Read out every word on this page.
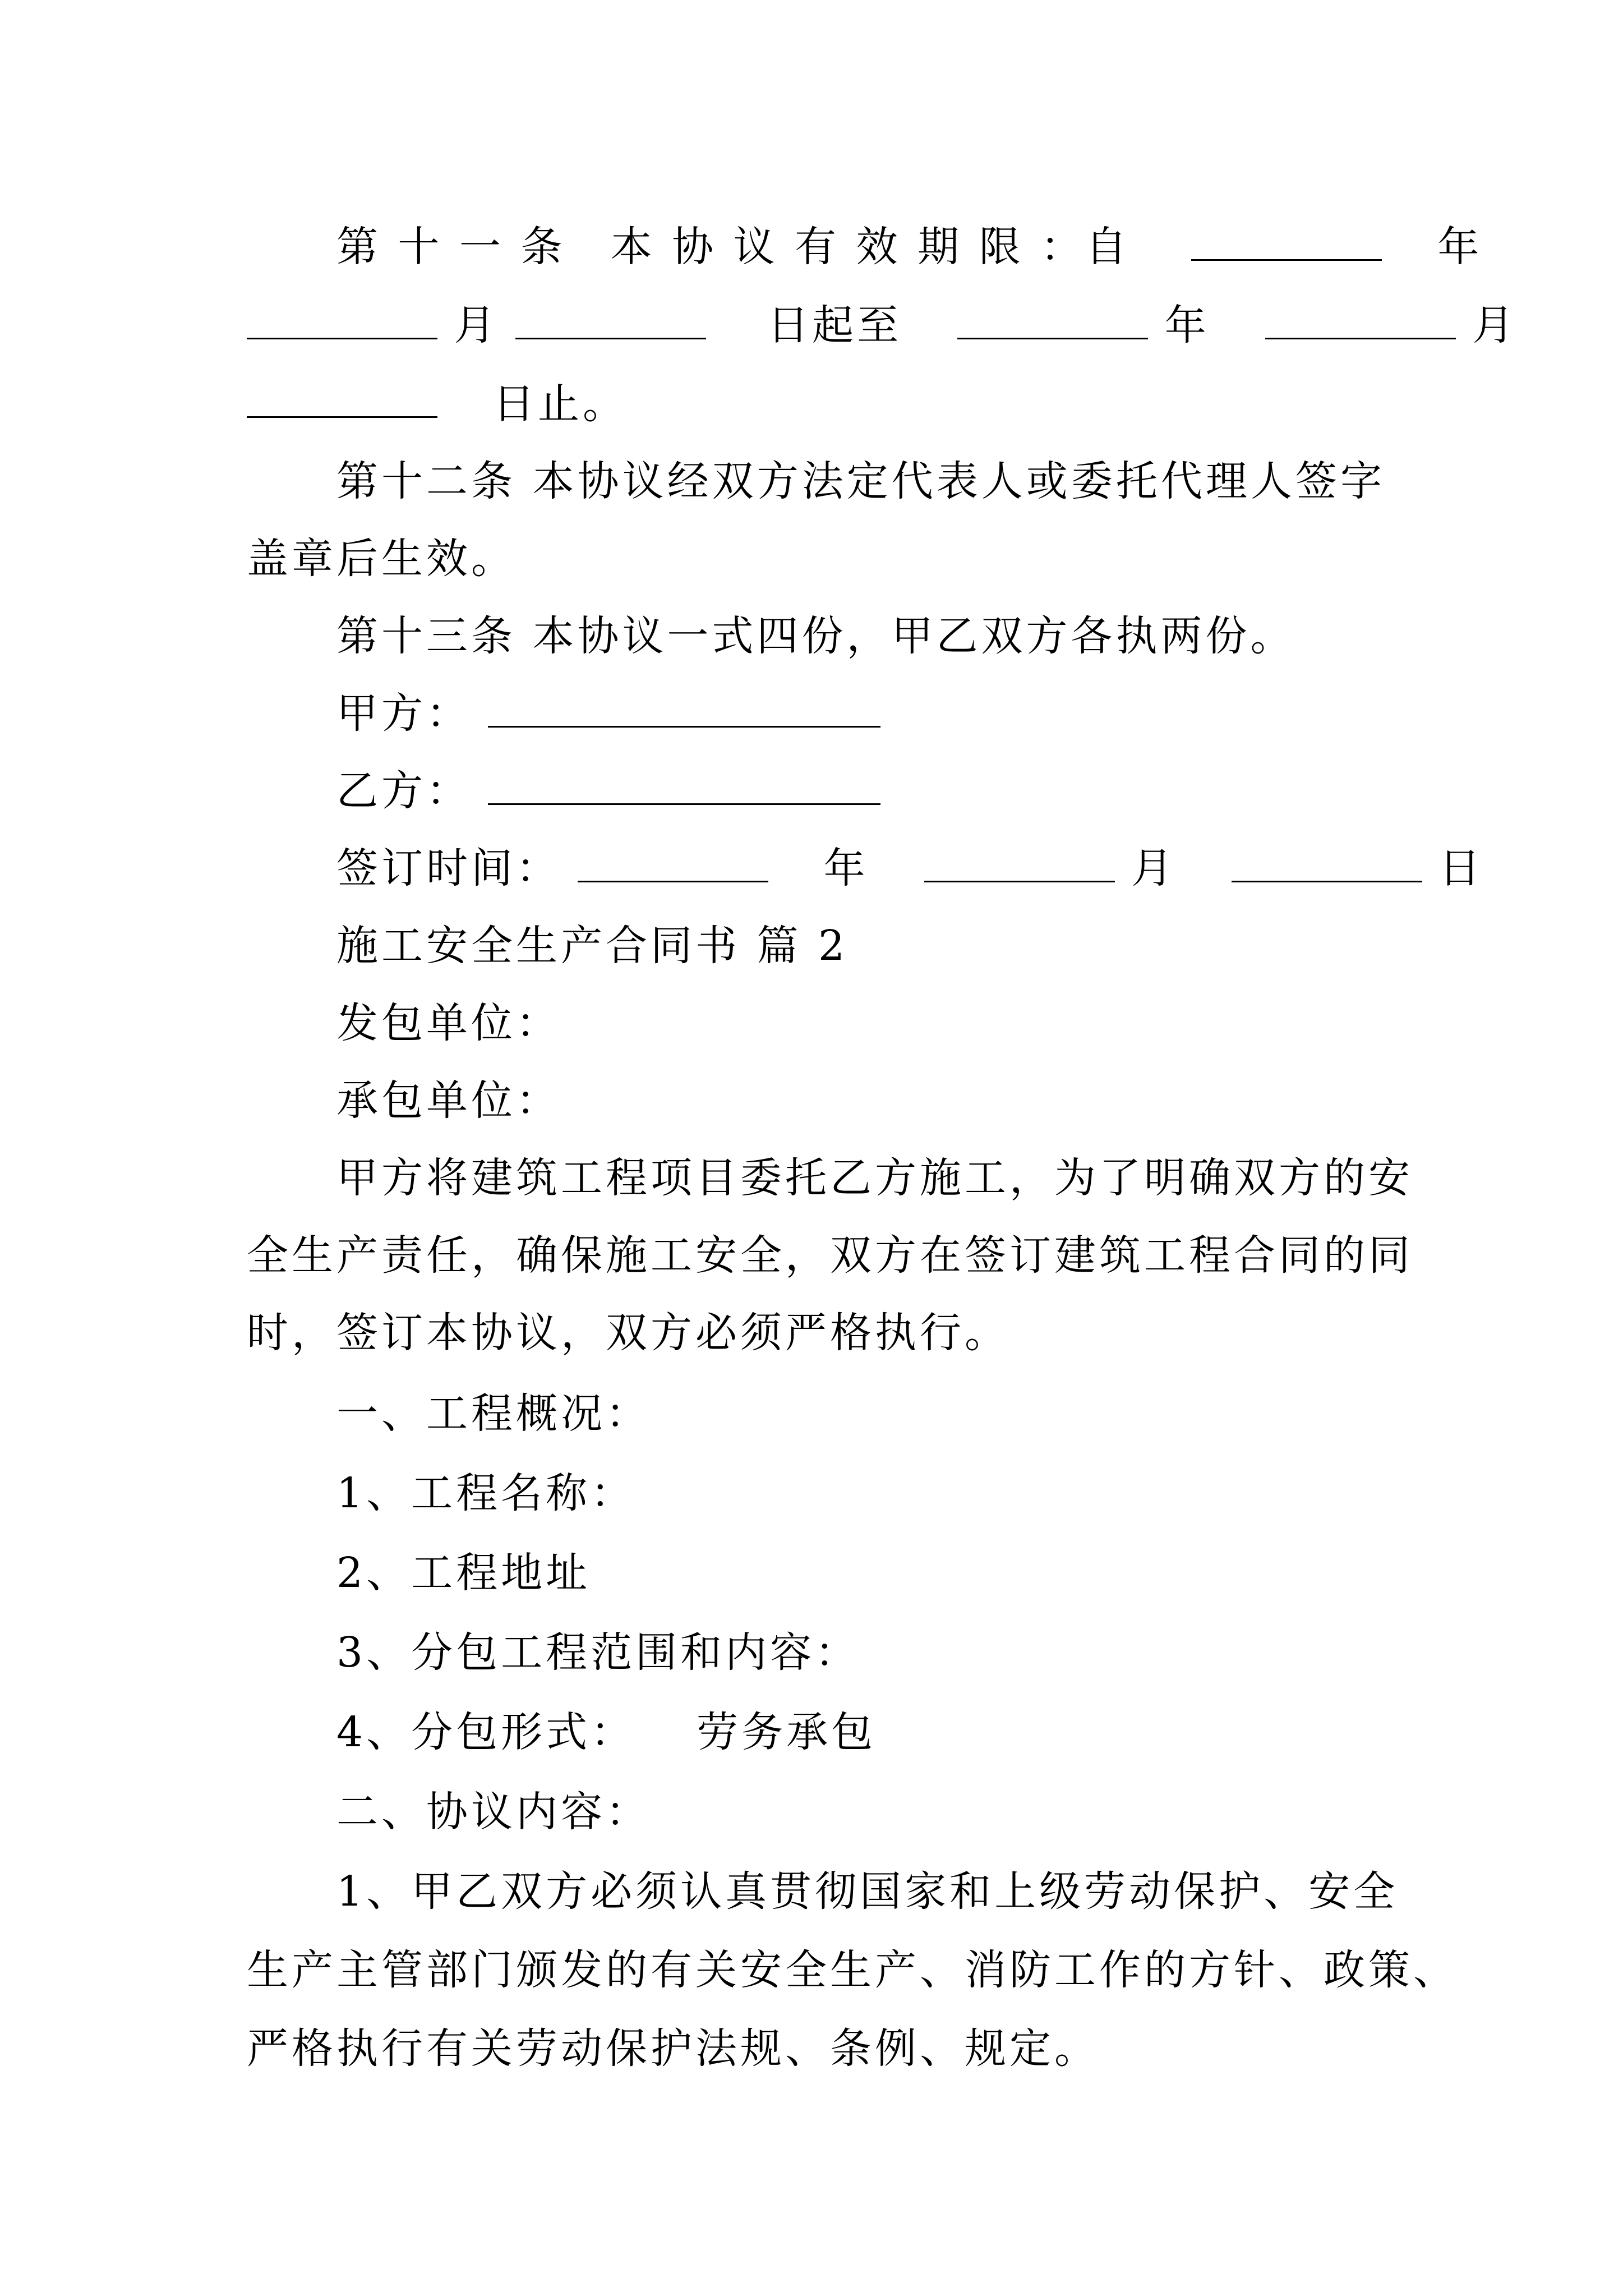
第 十 一 条　本 协 议 有 效 期 限 ：自	年
月	日起至	年	月
日止。
第十二条 本协议经双方法定代表人或委托代理人签字
盖章后生效。
第十三条 本协议一式四份，甲乙双方各执两份。
甲方：
乙方：
签订时间：	年	月	日
施工安全生产合同书 篇 2
发包单位：
承包单位：
甲方将建筑工程项目委托乙方施工，为了明确双方的安
全生产责任，确保施工安全，双方在签订建筑工程合同的同
时，签订本协议，双方必须严格执行。
一、工程概况：
1、工程名称：
2、工程地址
3、分包工程范围和内容：
4、分包形式： 劳务承包
二、协议内容：
1、甲乙双方必须认真贯彻国家和上级劳动保护、安全
生产主管部门颁发的有关安全生产、消防工作的方针、政策、
严格执行有关劳动保护法规、条例、规定。
